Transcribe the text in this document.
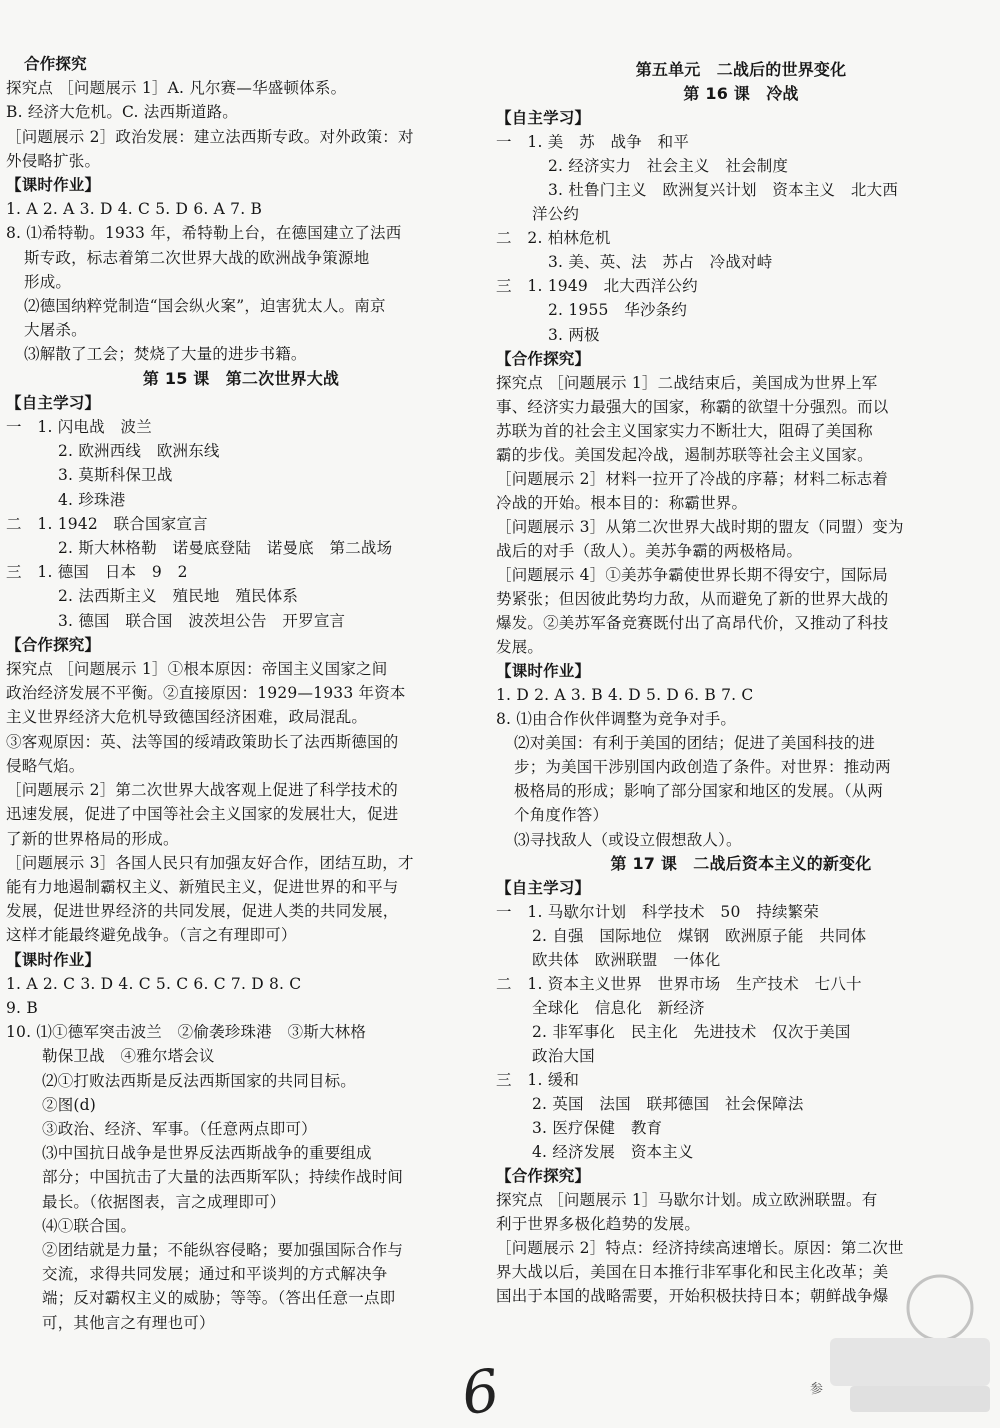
合作探究
探究点 ［问题展示 1］A. 凡尔赛—华盛顿体系。
B. 经济大危机。C. 法西斯道路。
［问题展示 2］政治发展：建立法西斯专政。对外政策：对
外侵略扩张。
【课时作业】
1. A 2. A 3. D 4. C 5. D 6. A 7. B
8. ⑴希特勒。1933 年，希特勒上台，在德国建立了法西
斯专政，标志着第二次世界大战的欧洲战争策源地
形成。
⑵德国纳粹党制造“国会纵火案”，迫害犹太人。南京
大屠杀。
⑶解散了工会；焚烧了大量的进步书籍。
第 15 课　第二次世界大战
【自主学习】
一　1. 闪电战　波兰
2. 欧洲西线　欧洲东线
3. 莫斯科保卫战
4. 珍珠港
二　1. 1942　联合国家宣言
2. 斯大林格勒　诺曼底登陆　诺曼底　第二战场
三　1. 德国　日本　9　2
2. 法西斯主义　殖民地　殖民体系
3. 德国　联合国　波茨坦公告　开罗宣言
【合作探究】
探究点 ［问题展示 1］①根本原因：帝国主义国家之间
政治经济发展不平衡。②直接原因：1929—1933 年资本
主义世界经济大危机导致德国经济困难，政局混乱。
③客观原因：英、法等国的绥靖政策助长了法西斯德国的
侵略气焰。
［问题展示 2］第二次世界大战客观上促进了科学技术的
迅速发展，促进了中国等社会主义国家的发展壮大，促进
了新的世界格局的形成。
［问题展示 3］各国人民只有加强友好合作，团结互助，才
能有力地遏制霸权主义、新殖民主义，促进世界的和平与
发展，促进世界经济的共同发展，促进人类的共同发展，
这样才能最终避免战争。（言之有理即可）
【课时作业】
1. A 2. C 3. D 4. C 5. C 6. C 7. D 8. C
9. B
10. ⑴①德军突击波兰　②偷袭珍珠港　③斯大林格
勒保卫战　④雅尔塔会议
⑵①打败法西斯是反法西斯国家的共同目标。
②图(d)
③政治、经济、军事。（任意两点即可）
⑶中国抗日战争是世界反法西斯战争的重要组成
部分；中国抗击了大量的法西斯军队；持续作战时间
最长。（依据图表，言之成理即可）
⑷①联合国。
②团结就是力量；不能纵容侵略；要加强国际合作与
交流，求得共同发展；通过和平谈判的方式解决争
端；反对霸权主义的威胁；等等。（答出任意一点即
可，其他言之有理也可）
第五单元　二战后的世界变化
第 16 课　冷战
【自主学习】
一　1. 美　苏　战争　和平
2. 经济实力　社会主义　社会制度
3. 杜鲁门主义　欧洲复兴计划　资本主义　北大西
洋公约
二　2. 柏林危机
3. 美、英、法　苏占　冷战对峙
三　1. 1949　北大西洋公约
2. 1955　华沙条约
3. 两极
【合作探究】
探究点 ［问题展示 1］二战结束后，美国成为世界上军
事、经济实力最强大的国家，称霸的欲望十分强烈。而以
苏联为首的社会主义国家实力不断壮大，阻碍了美国称
霸的步伐。美国发起冷战，遏制苏联等社会主义国家。
［问题展示 2］材料一拉开了冷战的序幕；材料二标志着
冷战的开始。根本目的：称霸世界。
［问题展示 3］从第二次世界大战时期的盟友（同盟）变为
战后的对手（敌人）。美苏争霸的两极格局。
［问题展示 4］①美苏争霸使世界长期不得安宁，国际局
势紧张；但因彼此势均力敌，从而避免了新的世界大战的
爆发。②美苏军备竞赛既付出了高昂代价，又推动了科技
发展。
【课时作业】
1. D 2. A 3. B 4. D 5. D 6. B 7. C
8. ⑴由合作伙伴调整为竞争对手。
⑵对美国：有利于美国的团结；促进了美国科技的进
步；为美国干涉别国内政创造了条件。对世界：推动两
极格局的形成；影响了部分国家和地区的发展。（从两
个角度作答）
⑶寻找敌人（或设立假想敌人）。
第 17 课　二战后资本主义的新变化
【自主学习】
一　1. 马歇尔计划　科学技术　50　持续繁荣
2. 自强　国际地位　煤钢　欧洲原子能　共同体
欧共体　欧洲联盟　一体化
二　1. 资本主义世界　世界市场　生产技术　七八十
全球化　信息化　新经济
2. 非军事化　民主化　先进技术　仅次于美国
政治大国
三　1. 缓和
2. 英国　法国　联邦德国　社会保障法
3. 医疗保健　教育
4. 经济发展　资本主义
【合作探究】
探究点 ［问题展示 1］马歇尔计划。成立欧洲联盟。有
利于世界多极化趋势的发展。
［问题展示 2］特点：经济持续高速增长。原因：第二次世
界大战以后，美国在日本推行非军事化和民主化改革；美
国出于本国的战略需要，开始积极扶持日本；朝鲜战争爆
6	参
